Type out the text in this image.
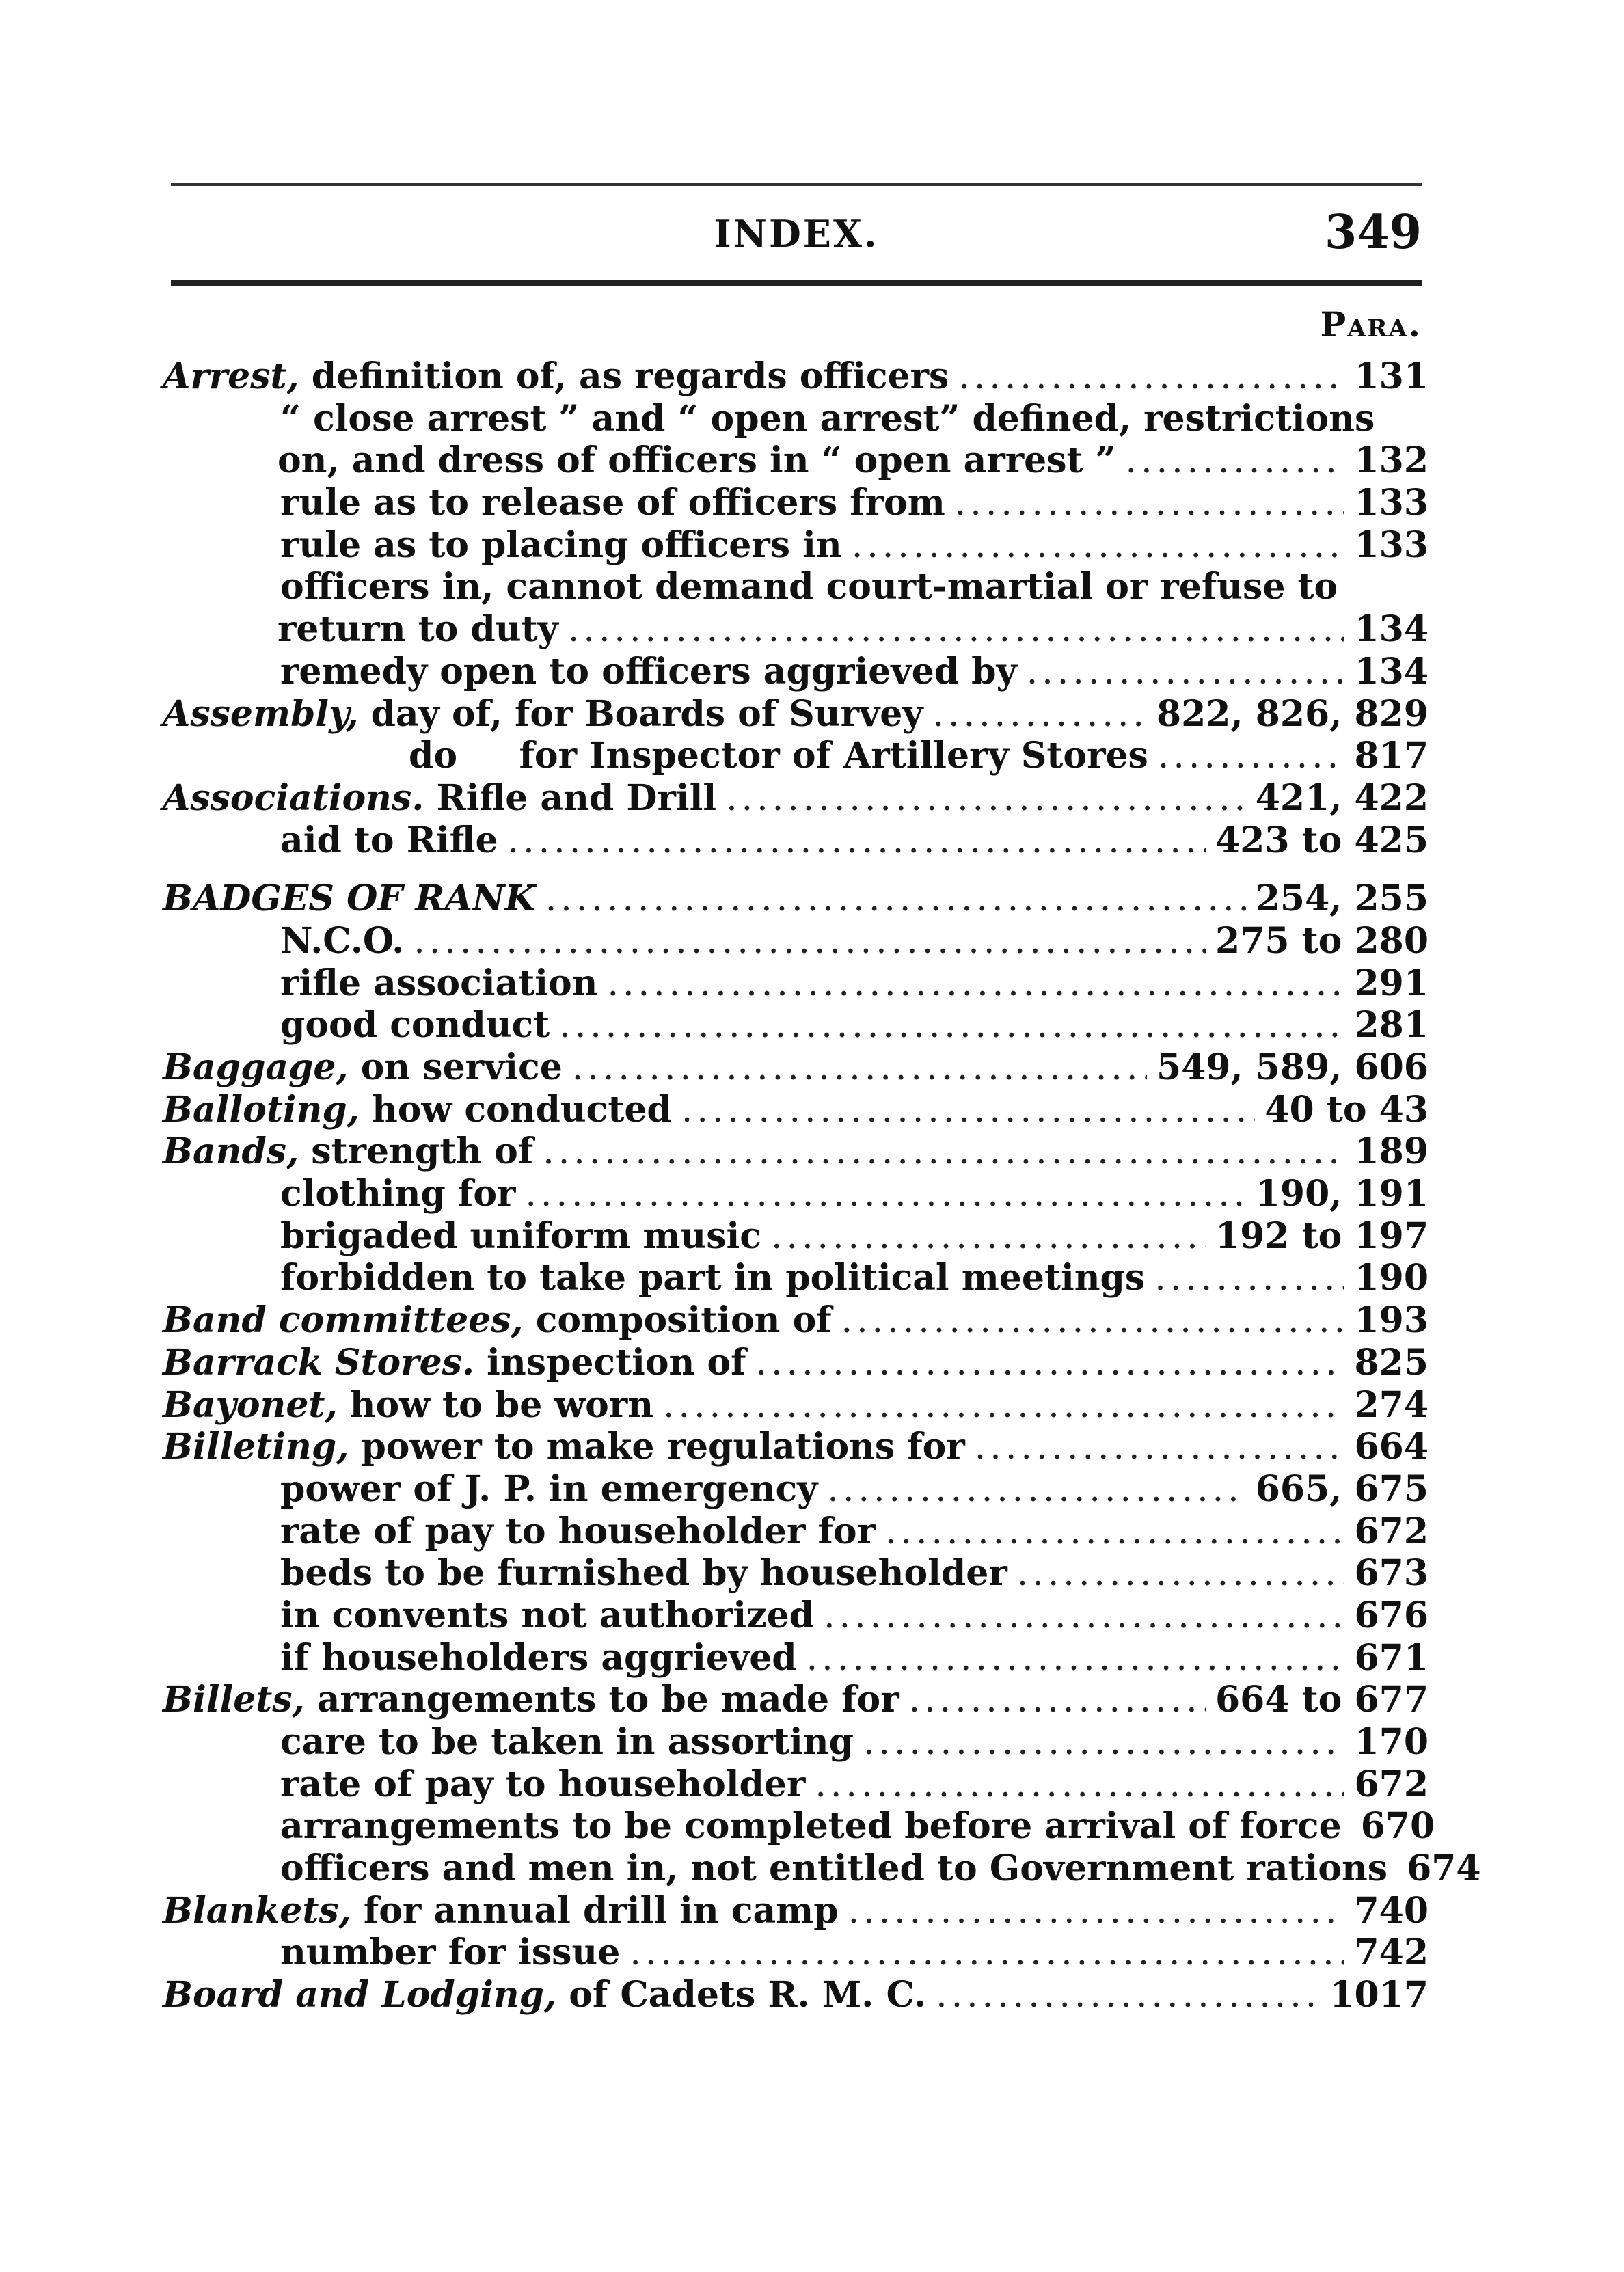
INDEX.	349
Para.
Arrest, definition of, as regards officers .....	131
“ close arrest ” and “ open arrest” defined, restrictions
on, and dress of officers in “ open arrest ” .....	132
rule as to release of officers from .....	133
rule as to placing officers in .....	133
officers in, cannot demand court-martial or refuse to
return to duty .....	134
remedy open to officers aggrieved by .....	134
Assembly, day of, for Boards of Survey .....	822, 826, 829
do     for Inspector of Artillery Stores .....	817
Associations. Rifle and Drill .....	421, 422
aid to Rifle .....	423 to 425
BADGES OF RANK .....	254, 255
N.C.O. .....	275 to 280
rifle association .....	291
good conduct .....	281
Baggage, on service .....	549, 589, 606
Balloting, how conducted .....	40 to 43
Bands, strength of .....	189
clothing for .....	190, 191
brigaded uniform music .....	192 to 197
forbidden to take part in political meetings .....	190
Band committees, composition of .....	193
Barrack Stores. inspection of .....	825
Bayonet, how to be worn .....	274
Billeting, power to make regulations for .....	664
power of J. P. in emergency .....	665, 675
rate of pay to householder for .....	672
beds to be furnished by householder .....	673
in convents not authorized .....	676
if householders aggrieved .....	671
Billets, arrangements to be made for .....	664 to 677
care to be taken in assorting .....	170
rate of pay to householder .....	672
arrangements to be completed before arrival of force 670
officers and men in, not entitled to Government rations 674
Blankets, for annual drill in camp .....	740
number for issue .....	742
Board and Lodging, of Cadets R. M. C. .....	1017
